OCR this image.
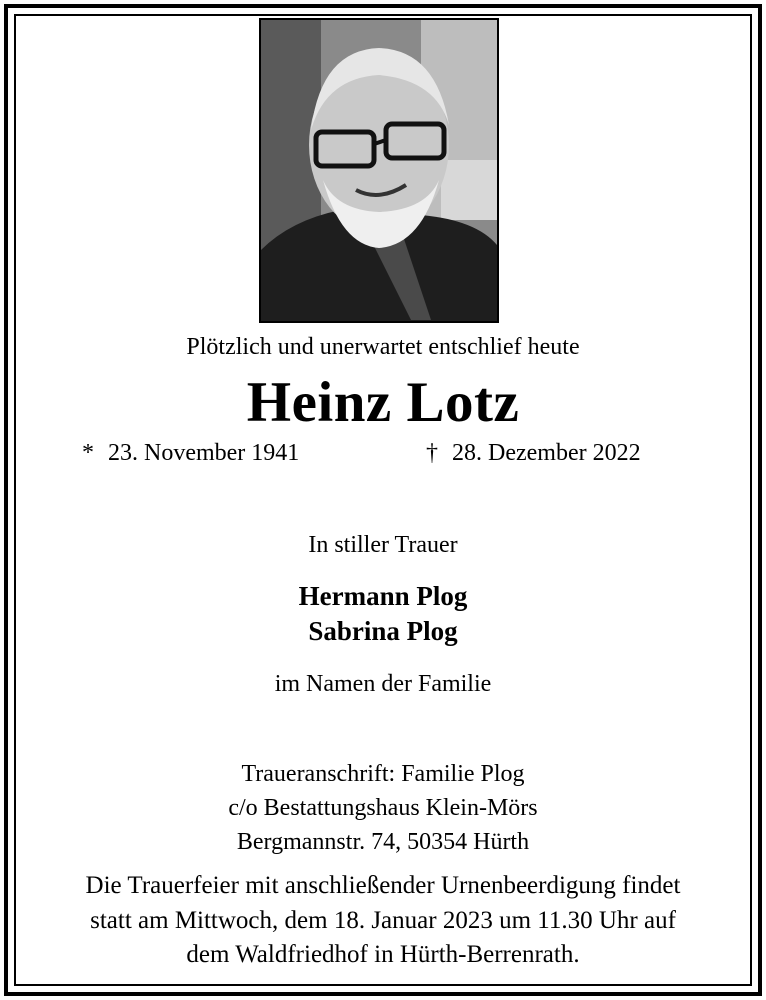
Plötzlich und unerwartet entschlief heute
Heinz Lotz
* 23. November 1941	† 28. Dezember 2022
In stiller Trauer
Hermann Plog
Sabrina Plog
im Namen der Familie
Traueranschrift: Familie Plog
c/o Bestattungshaus Klein-Mörs
Bergmannstr. 74, 50354 Hürth
Die Trauerfeier mit anschließender Urnenbeerdigung findet
statt am Mittwoch, dem 18. Januar 2023 um 11.30 Uhr auf
dem Waldfriedhof in Hürth-Berrenrath.
